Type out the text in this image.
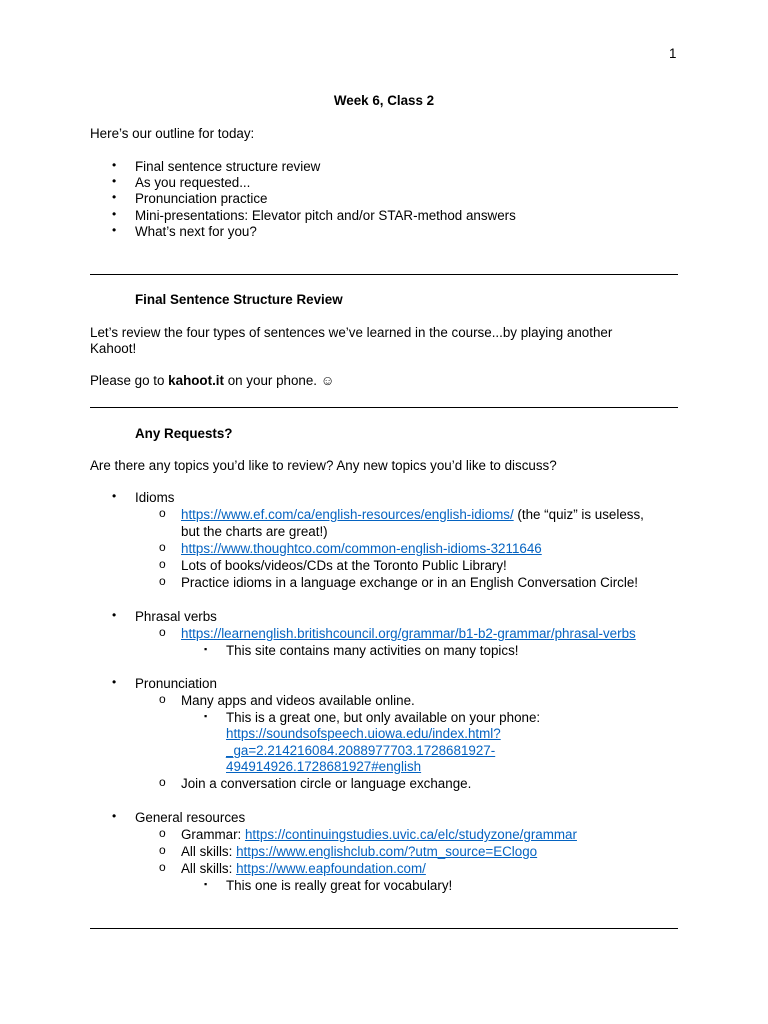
1
Week 6, Class 2
Here’s our outline for today:
• Final sentence structure review
• As you requested...
• Pronunciation practice
• Mini-presentations: Elevator pitch and/or STAR-method answers
• What’s next for you?
Final Sentence Structure Review
Let’s review the four types of sentences we’ve learned in the course...by playing another
Kahoot!
Please go to kahoot.it on your phone. ☺
Any Requests?
Are there any topics you’d like to review? Any new topics you’d like to discuss?
• Idioms
o https://www.ef.com/ca/english-resources/english-idioms/ (the “quiz” is useless,
but the charts are great!)
o https://www.thoughtco.com/common-english-idioms-3211646
o Lots of books/videos/CDs at the Toronto Public Library!
o Practice idioms in a language exchange or in an English Conversation Circle!
• Phrasal verbs
o https://learnenglish.britishcouncil.org/grammar/b1-b2-grammar/phrasal-verbs
▪ This site contains many activities on many topics!
• Pronunciation
o Many apps and videos available online.
▪ This is a great one, but only available on your phone:
https://soundsofspeech.uiowa.edu/index.html?
_ga=2.214216084.2088977703.1728681927-
494914926.1728681927#english
o Join a conversation circle or language exchange.
• General resources
o Grammar: https://continuingstudies.uvic.ca/elc/studyzone/grammar
o All skills: https://www.englishclub.com/?utm_source=EClogo
o All skills: https://www.eapfoundation.com/
▪ This one is really great for vocabulary!
